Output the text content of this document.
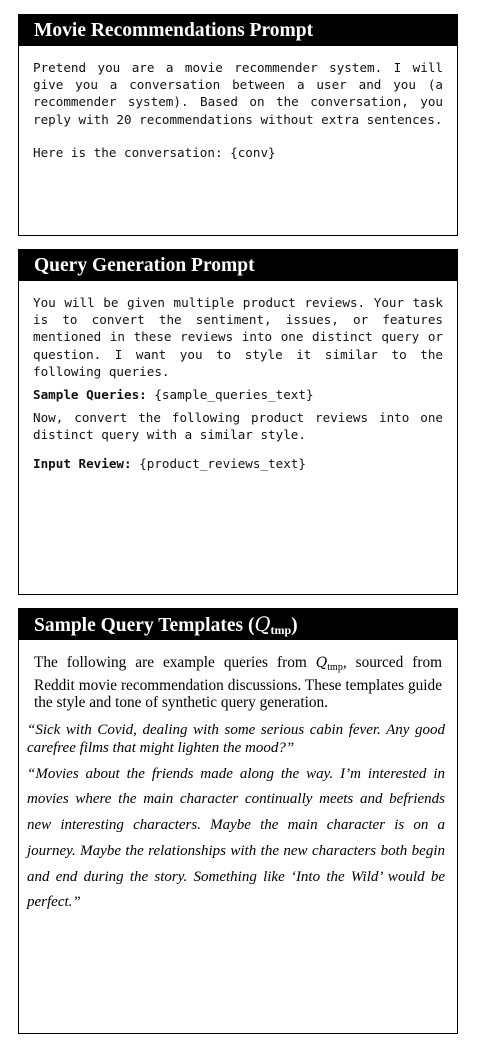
Movie Recommendations Prompt

Pretend you are a movie recommender system. I will give you a conversation between a user and you (a recommender system). Based on the conversation, you reply with 20 recommendations without extra sentences.

Here is the conversation: {conv}

Query Generation Prompt

You will be given multiple product reviews. Your task is to convert the sentiment, issues, or features mentioned in these reviews into one distinct query or question. I want you to style it similar to the following queries.

Sample Queries: {sample_queries_text}

Now, convert the following product reviews into one distinct query with a similar style.

Input Review: {product_reviews_text}

Sample Query Templates $(Q_{tmp})$

The following are example queries from Qtmp, sourced from Reddit movie recommendation discussions. These templates guide the style and tone of synthetic query generation.

“Sick with Covid, dealing with some serious cabin fever. Any good carefree films that might lighten the mood?”

“Movies about the friends made along the way. I’m interested in movies where the main character continually meets and befriends new interesting characters. Maybe the main character is on a journey. Maybe the relationships with the new characters both begin and end during the story. Something like ‘Into the Wild’ would be perfect.”
